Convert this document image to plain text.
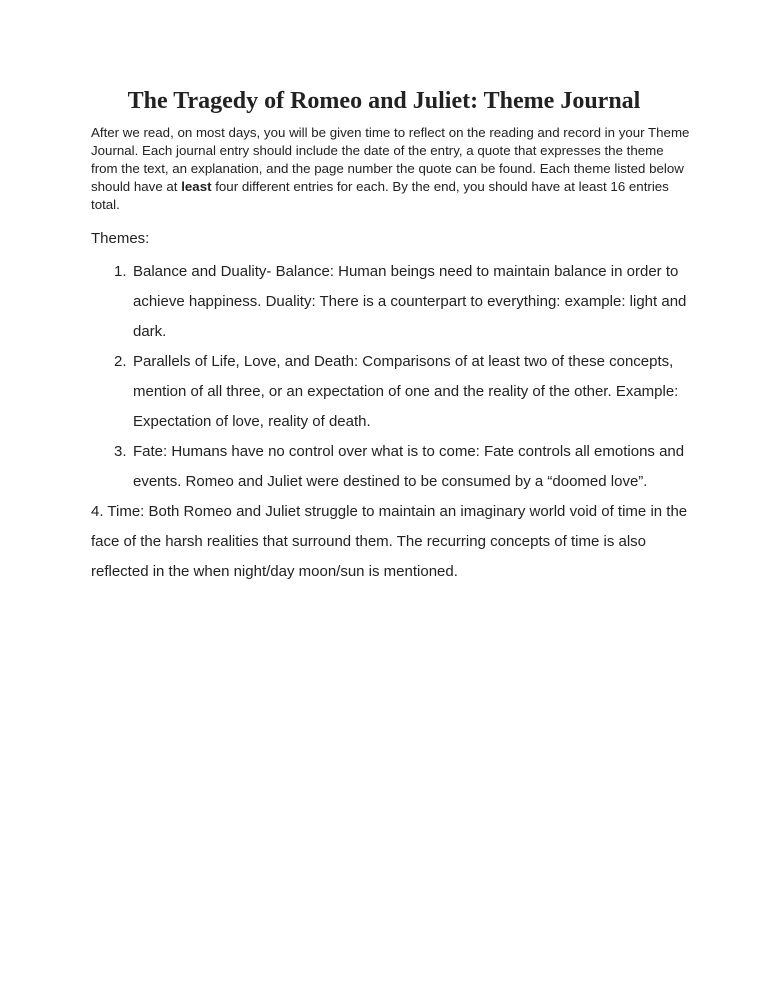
The Tragedy of Romeo and Juliet: Theme Journal
After we read, on most days, you will be given time to reflect on the reading and record in your Theme Journal. Each journal entry should include the date of the entry, a quote that expresses the theme from the text, an explanation, and the page number the quote can be found. Each theme listed below should have at least four different entries for each. By the end, you should have at least 16 entries total.
Themes:
1. Balance and Duality- Balance: Human beings need to maintain balance in order to achieve happiness. Duality: There is a counterpart to everything: example: light and dark.
2. Parallels of Life, Love, and Death: Comparisons of at least two of these concepts, mention of all three, or an expectation of one and the reality of the other. Example: Expectation of love, reality of death.
3. Fate: Humans have no control over what is to come: Fate controls all emotions and events. Romeo and Juliet were destined to be consumed by a “doomed love”.
4. Time: Both Romeo and Juliet struggle to maintain an imaginary world void of time in the face of the harsh realities that surround them. The recurring concepts of time is also reflected in the when night/day moon/sun is mentioned.
